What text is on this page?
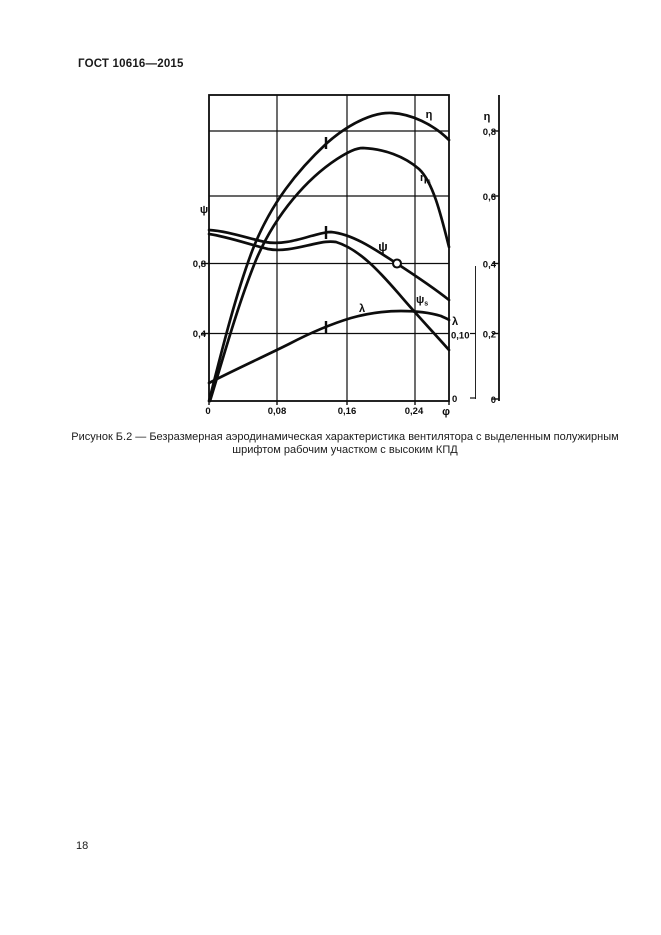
ГОСТ 10616—2015
ψ
0,8
0,4
0	0,08	0,16	0,24 φ
η
0,8
0,6
0,4
0,2
0
λ
0,10
0
η
$\eta_s$
ψ
$\psi_s$
λ
Рисунок Б.2 — Безразмерная аэродинамическая характеристика вентилятора с выделенным полужирным
шрифтом рабочим участком с высоким КПД
18
